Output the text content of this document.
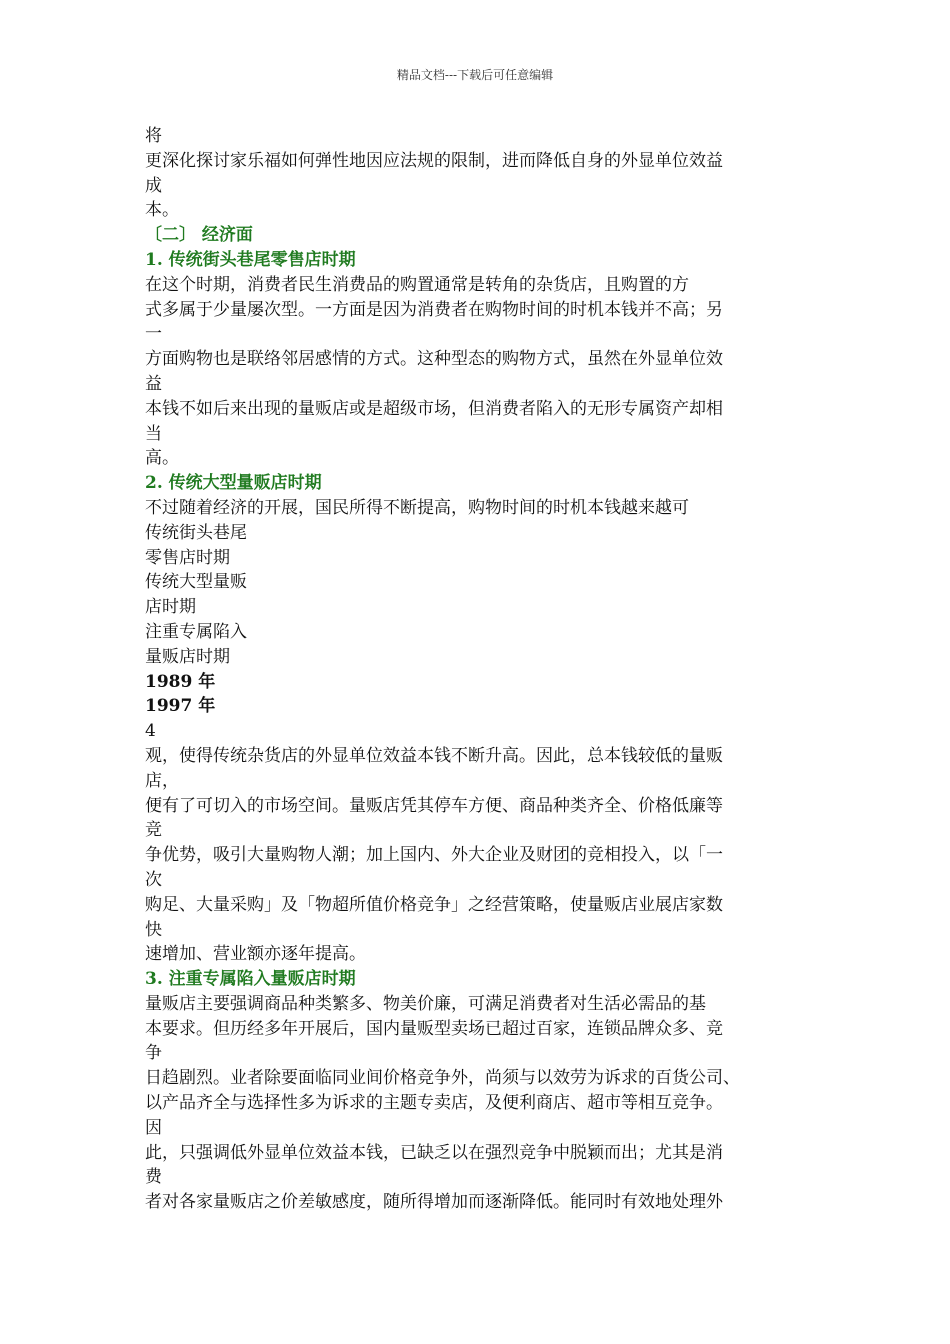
精品文档---下载后可任意编辑
将
更深化探讨家乐福如何弹性地因应法规的限制，进而降低自身的外显单位效益
成
本。
〔二〕 经济面
1. 传统街头巷尾零售店时期
在这个时期，消费者民生消费品的购置通常是转角的杂货店，且购置的方
式多属于少量屡次型。一方面是因为消费者在购物时间的时机本钱并不高；另
一
方面购物也是联络邻居感情的方式。这种型态的购物方式，虽然在外显单位效
益
本钱不如后来出现的量贩店或是超级市场，但消费者陷入的无形专属资产却相
当
高。
2. 传统大型量贩店时期
不过随着经济的开展，国民所得不断提高，购物时间的时机本钱越来越可
传统街头巷尾
零售店时期
传统大型量贩
店时期
注重专属陷入
量贩店时期
1989 年
1997 年
4
观，使得传统杂货店的外显单位效益本钱不断升高。因此，总本钱较低的量贩
店，
便有了可切入的市场空间。量贩店凭其停车方便、商品种类齐全、价格低廉等
竞
争优势，吸引大量购物人潮；加上国内、外大企业及财团的竞相投入，以「一
次
购足、大量采购」及「物超所值价格竞争」之经营策略，使量贩店业展店家数
快
速增加、营业额亦逐年提高。
3. 注重专属陷入量贩店时期
量贩店主要强调商品种类繁多、物美价廉，可满足消费者对生活必需品的基
本要求。但历经多年开展后，国内量贩型卖场已超过百家，连锁品牌众多、竞
争
日趋剧烈。业者除要面临同业间价格竞争外，尚须与以效劳为诉求的百货公司、
以产品齐全与选择性多为诉求的主题专卖店，及便利商店、超市等相互竞争。
因
此，只强调低外显单位效益本钱，已缺乏以在强烈竞争中脱颖而出；尤其是消
费
者对各家量贩店之价差敏感度，随所得增加而逐渐降低。能同时有效地处理外
